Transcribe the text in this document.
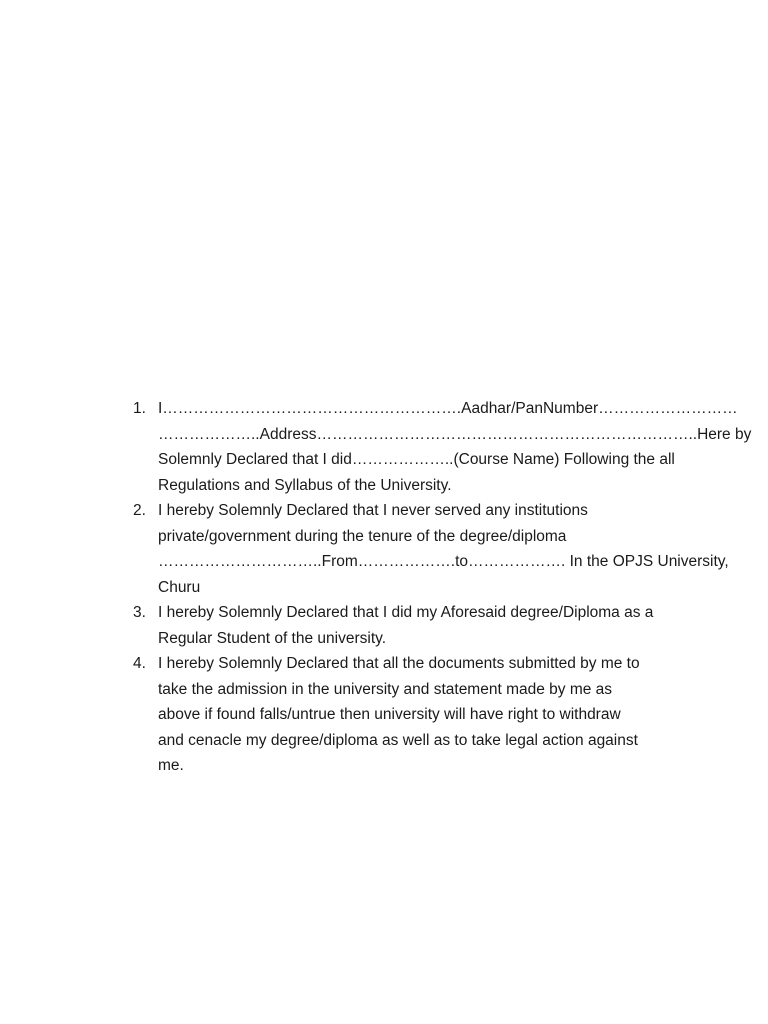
1. I………………………………………………….Aadhar/PanNumber………………………
………………..Address………………………………………………………………..Here by
Solemnly Declared that I did………………..(Course Name) Following the all
Regulations and Syllabus of the University.
2. I hereby Solemnly Declared that I never served any institutions
private/government during the tenure of the degree/diploma
…………………………..From……………….to………………. In the OPJS University,
Churu
3. I hereby Solemnly Declared that I did my Aforesaid degree/Diploma as a
Regular Student of the university.
4. I hereby Solemnly Declared that all the documents submitted by me to
take the admission in the university and statement made by me as
above if found falls/untrue then university will have right to withdraw
and cenacle my degree/diploma as well as to take legal action against
me.
